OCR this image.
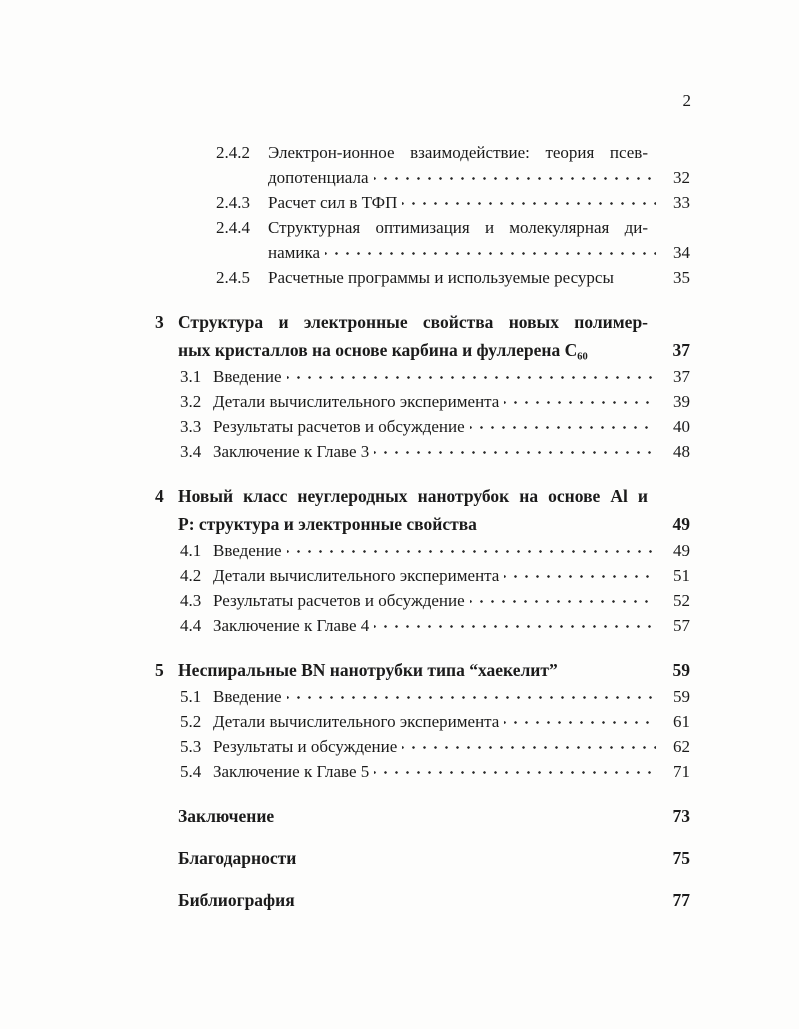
2
2.4.2	Электрон-ионное взаимодействие: теория псев-
допотенциала	32
2.4.3	Расчет сил в ТФП	33
2.4.4	Структурная оптимизация и молекулярная ди-
намика	34
2.4.5	Расчетные программы и используемые ресурсы	35
3 Структура и электронные свойства новых полимер-
ных кристаллов на основе карбина и фуллерена C₆₀	37
3.1 Введение	37
3.2 Детали вычислительного эксперимента	39
3.3 Результаты расчетов и обсуждение	40
3.4 Заключение к Главе 3	48
4 Новый класс неуглеродных нанотрубок на основе Al и
P: структура и электронные свойства	49
4.1 Введение	49
4.2 Детали вычислительного эксперимента	51
4.3 Результаты расчетов и обсуждение	52
4.4 Заключение к Главе 4	57
5 Неспиральные BN нанотрубки типа “хаекелит”	59
5.1 Введение	59
5.2 Детали вычислительного эксперимента	61
5.3 Результаты и обсуждение	62
5.4 Заключение к Главе 5	71
Заключение	73
Благодарности	75
Библиография	77
